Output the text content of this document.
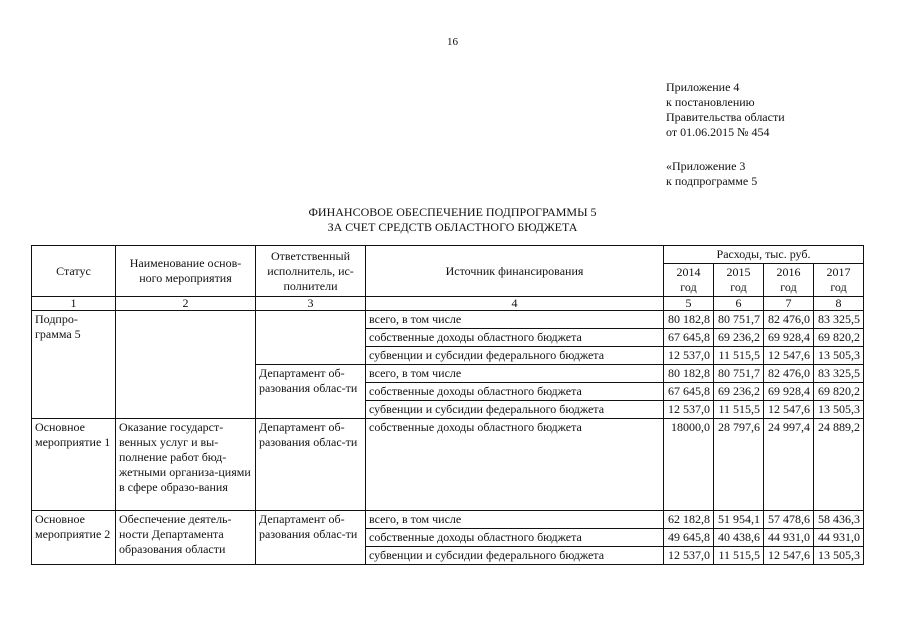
16
Приложение 4
к постановлению
Правительства области
от 01.06.2015 № 454
«Приложение 3
к подпрограмме 5
ФИНАНСОВОЕ ОБЕСПЕЧЕНИЕ ПОДПРОГРАММЫ 5
ЗА СЧЕТ СРЕДСТВ ОБЛАСТНОГО БЮДЖЕТА
Статус	Наименование основ-ного мероприятия	Ответственный исполнитель, ис-полнители	Источник финансирования	Расходы, тыс. руб.			
				2014 год	2015 год	2016 год	2017 год
1	2	3	4	5	6	7	8
Подпро-грамма 5			всего, в том числе	80 182,8	80 751,7	82 476,0	83 325,5
			собственные доходы областного бюджета	67 645,8	69 236,2	69 928,4	69 820,2
			субвенции и субсидии федерального бюджета	12 537,0	11 515,5	12 547,6	13 505,3
		Департамент об-разования облас-ти	всего, в том числе	80 182,8	80 751,7	82 476,0	83 325,5
			собственные доходы областного бюджета	67 645,8	69 236,2	69 928,4	69 820,2
			субвенции и субсидии федерального бюджета	12 537,0	11 515,5	12 547,6	13 505,3
Основное мероприятие 1	Оказание государст-венных услуг и вы-полнение работ бюд-жетными организа-циями в сфере образо-вания	Департамент об-разования облас-ти	собственные доходы областного бюджета	18000,0	28 797,6	24 997,4	24 889,2
Основное мероприятие 2	Обеспечение деятель-ности Департамента образования области	Департамент об-разования облас-ти	всего, в том числе	62 182,8	51 954,1	57 478,6	58 436,3
			собственные доходы областного бюджета	49 645,8	40 438,6	44 931,0	44 931,0
			субвенции и субсидии федерального бюджета	12 537,0	11 515,5	12 547,6	13 505,3
